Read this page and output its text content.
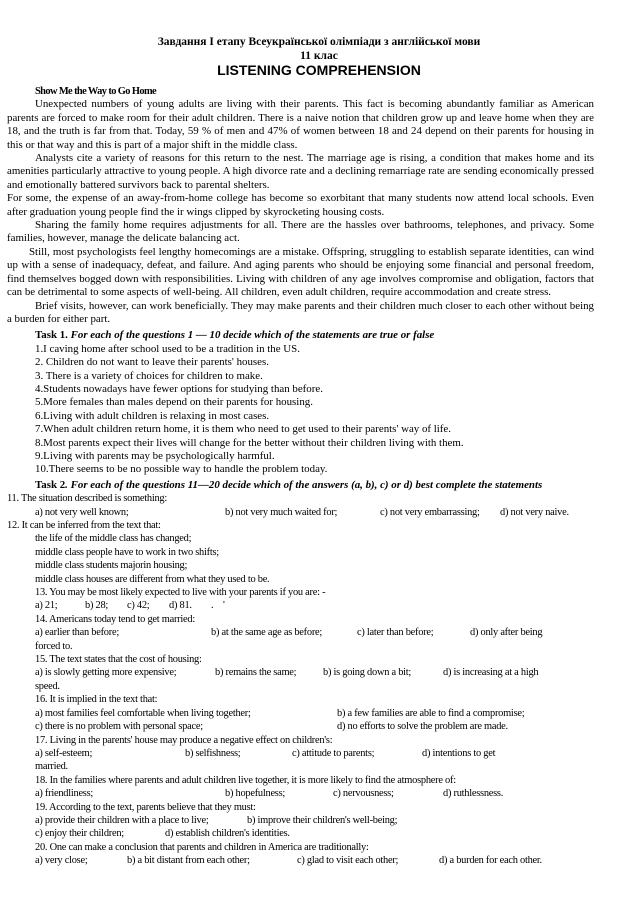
Завдання І етапу Всеукраїнської олімпіади з англійської мови
11 клас
LISTENING COMPREHENSION

Show Me the Way to Go Home

Unexpected numbers of young adults are living with their parents. This fact is becoming abundantly familiar as American parents are forced to make room for their adult children. There is a naive notion that children grow up and leave home when they are 18, and the truth is far from that. Today, 59 % of men and 47% of women between 18 and 24 depend on their parents for housing in this or that way and this is part of a major shift in the middle class.

Analysts cite a variety of reasons for this return to the nest. The marriage age is rising, a condition that makes home and its amenities particularly attractive to young people. A high divorce rate and a declining remarriage rate are sending economically pressed and emotionally battered survivors back to parental shelters.

For some, the expense of an away-from-home college has become so exorbitant that many students now attend local schools. Even after graduation young people find the ir wings clipped by skyrocketing housing costs.

Sharing the family home requires adjustments for all. There are the hassles over bathrooms, telephones, and privacy. Some families, however, manage the delicate balancing act.

Still, most psychologists feel lengthy homecomings are a mistake. Offspring, struggling to establish separate identities, can wind up with a sense of inadequacy, defeat, and failure. And aging parents who should be enjoying some financial and personal freedom, find themselves bogged down with responsibilities. Living with children of any age involves compromise and obligation, factors that can be detrimental to some aspects of well-being. All children, even adult children, require accommodation and create stress.

Brief visits, however, can work beneficially. They may make parents and their children much closer to each other without being a burden for either part.

Task 1. For each of the questions 1 — 10 decide which of the statements are true or false

1.I caving home after school used to be a tradition in the US.

2. Children do not want to leave their parents' houses.

3. There is a variety of choices for children to make.

4.Students nowadays have fewer options for studying than before.

5.More females than males depend on their parents for housing.

6.Living with adult children is relaxing in most cases.

7.When adult children return home, it is them who need to get used to their parents' way of life.

8.Most parents expect their lives will change for the better without their children living with them.

9.Living with parents may be psychologically harmful.

10.There seems to be no possible way to handle the problem today.

Task 2. For each of the questions 11—20 decide which of the answers (a, b), c) or d) best complete the statements

11. The situation described is something:

a) not very well known;	b) not very much waited for;	c) not very embarrassing;	d) not very naive.

12. It can be inferred from the text that:

the life of the middle class has changed;

middle class people have to work in two shifts;

middle class students majorin housing;

middle class houses are different from what they used to be.

13. You may be most likely expected to live with your parents if you are: -

a) 21;	b) 28;	c) 42;	d) 81.	. '

14. Americans today tend to get married:

a) earlier than before;	b) at the same age as before;	c) later than before;	d) only after being

forced to.

15. The text states that the cost of housing:

a) is slowly getting more expensive;	b) remains the same;	b) is going down a bit;	d) is increasing at a high

speed.

16. It is implied in the text that:

a) most families feel comfortable when living together;	b) a few families are able to find a compromise;
c) there is no problem with personal space;	d) no efforts to solve the problem are made.

17. Living in the parents' house may produce a negative effect on children's:

a) self-esteem;	b) selfishness;	c) attitude to parents;	d) intentions to get

married.

18. In the families where parents and adult children live together, it is more likely to find the atmosphere of:

a) friendliness;	b) hopefulness;	c) nervousness;	d) ruthlessness.

19. According to the text, parents believe that they must:

a) provide their children with a place to live;	b) improve their children's well-being;
c) enjoy their children;	d) establish children's identities.

20. One can make a conclusion that parents and children in America are traditionally:

a) very close;	b) a bit distant from each other;	c) glad to visit each other;	d) a burden for each other.
